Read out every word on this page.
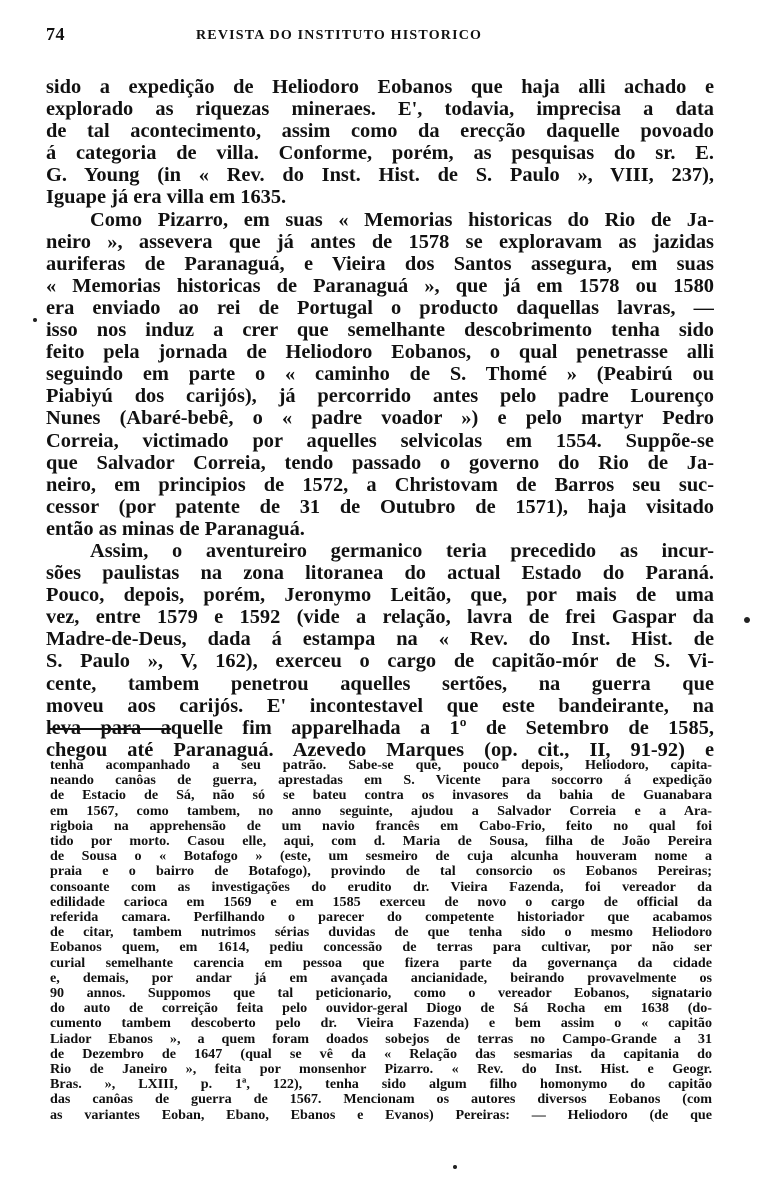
74	REVISTA DO INSTITUTO HISTORICO
sido a expedição de Heliodoro Eobanos que haja alli achado e
explorado as riquezas mineraes. E', todavia, imprecisa a data
de tal acontecimento, assim como da erecção daquelle povoado
á categoria de villa. Conforme, porém, as pesquisas do sr. E.
G. Young (in « Rev. do Inst. Hist. de S. Paulo », VIII, 237),
Iguape já era villa em 1635.
Como Pizarro, em suas « Memorias historicas do Rio de Ja-
neiro », assevera que já antes de 1578 se exploravam as jazidas
auriferas de Paranaguá, e Vieira dos Santos assegura, em suas
« Memorias historicas de Paranaguá », que já em 1578 ou 1580
era enviado ao rei de Portugal o producto daquellas lavras, —
isso nos induz a crer que semelhante descobrimento tenha sido
feito pela jornada de Heliodoro Eobanos, o qual penetrasse alli
seguindo em parte o « caminho de S. Thomé » (Peabirú ou
Piabiyú dos carijós), já percorrido antes pelo padre Lourenço
Nunes (Abaré-bebê, o « padre voador ») e pelo martyr Pedro
Correia, victimado por aquelles selvicolas em 1554. Suppõe-se
que Salvador Correia, tendo passado o governo do Rio de Ja-
neiro, em principios de 1572, a Christovam de Barros seu suc-
cessor (por patente de 31 de Outubro de 1571), haja visitado
então as minas de Paranaguá.
Assim, o aventureiro germanico teria precedido as incur-
sões paulistas na zona litoranea do actual Estado do Paraná.
Pouco, depois, porém, Jeronymo Leitão, que, por mais de uma
vez, entre 1579 e 1592 (vide a relação, lavra de frei Gaspar da
Madre-de-Deus, dada á estampa na « Rev. do Inst. Hist. de
S. Paulo », V, 162), exerceu o cargo de capitão-mór de S. Vi-
cente, tambem penetrou aquelles sertões, na guerra que
moveu aos carijós. E' incontestavel que este bandeirante, na
leva para aquelle fim apparelhada a 1º de Setembro de 1585,
chegou até Paranaguá. Azevedo Marques (op. cit., II, 91-92) e
tenha acompanhado a seu patrão. Sabe-se que, pouco depois, Heliodoro, capita-
neando canôas de guerra, aprestadas em S. Vicente para soccorro á expedição
de Estacio de Sá, não só se bateu contra os invasores da bahia de Guanabara
em 1567, como tambem, no anno seguinte, ajudou a Salvador Correia e a Ara-
rigboia na apprehensão de um navio francês em Cabo-Frio, feito no qual foi
tido por morto. Casou elle, aqui, com d. Maria de Sousa, filha de João Pereira
de Sousa o « Botafogo » (este, um sesmeiro de cuja alcunha houveram nome a
praia e o bairro de Botafogo), provindo de tal consorcio os Eobanos Pereiras;
consoante com as investigações do erudito dr. Vieira Fazenda, foi vereador da
edilidade carioca em 1569 e em 1585 exerceu de novo o cargo de official da
referida camara. Perfilhando o parecer do competente historiador que acabamos
de citar, tambem nutrimos sérias duvidas de que tenha sido o mesmo Heliodoro
Eobanos quem, em 1614, pediu concessão de terras para cultivar, por não ser
curial semelhante carencia em pessoa que fizera parte da governança da cidade
e, demais, por andar já em avançada ancianidade, beirando provavelmente os
90 annos. Suppomos que tal peticionario, como o vereador Eobanos, signatario
do auto de correição feita pelo ouvidor-geral Diogo de Sá Rocha em 1638 (do-
cumento tambem descoberto pelo dr. Vieira Fazenda) e bem assim o « capitão
Liador Ebanos », a quem foram doados sobejos de terras no Campo-Grande a 31
de Dezembro de 1647 (qual se vê da « Relação das sesmarias da capitania do
Rio de Janeiro », feita por monsenhor Pizarro. « Rev. do Inst. Hist. e Geogr.
Bras. », LXIII, p. 1ª, 122), tenha sido algum filho homonymo do capitão
das canôas de guerra de 1567. Mencionam os autores diversos Eobanos (com
as variantes Eoban, Ebano, Ebanos e Evanos) Pereiras: — Heliodoro (de que
